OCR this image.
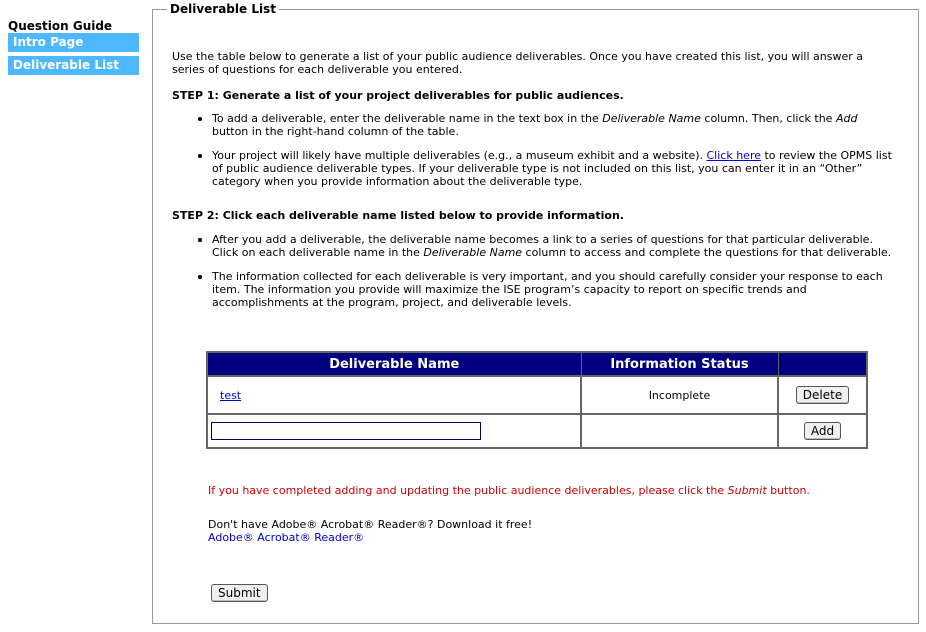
Question Guide
Intro Page
Deliverable List
Deliverable List
Use the table below to generate a list of your public audience deliverables. Once you have created this list, you will answer a series of questions for each deliverable you entered.
STEP 1: Generate a list of your project deliverables for public audiences.
To add a deliverable, enter the deliverable name in the text box in the Deliverable Name column. Then, click the Add button in the right-hand column of the table.
Your project will likely have multiple deliverables (e.g., a museum exhibit and a website). Click here to review the OPMS list of public audience deliverable types. If your deliverable type is not included on this list, you can enter it in an “Other” category when you provide information about the deliverable type.
STEP 2: Click each deliverable name listed below to provide information.
After you add a deliverable, the deliverable name becomes a link to a series of questions for that particular deliverable. Click on each deliverable name in the Deliverable Name column to access and complete the questions for that deliverable.
The information collected for each deliverable is very important, and you should carefully consider your response to each item. The information you provide will maximize the ISE program’s capacity to report on specific trends and accomplishments at the program, project, and deliverable levels.
Deliverable Name	Information Status	
test	Incomplete	Delete
		Add
If you have completed adding and updating the public audience deliverables, please click the Submit button.
Don't have Adobe® Acrobat® Reader®? Download it free!
Adobe® Acrobat® Reader®
Submit
